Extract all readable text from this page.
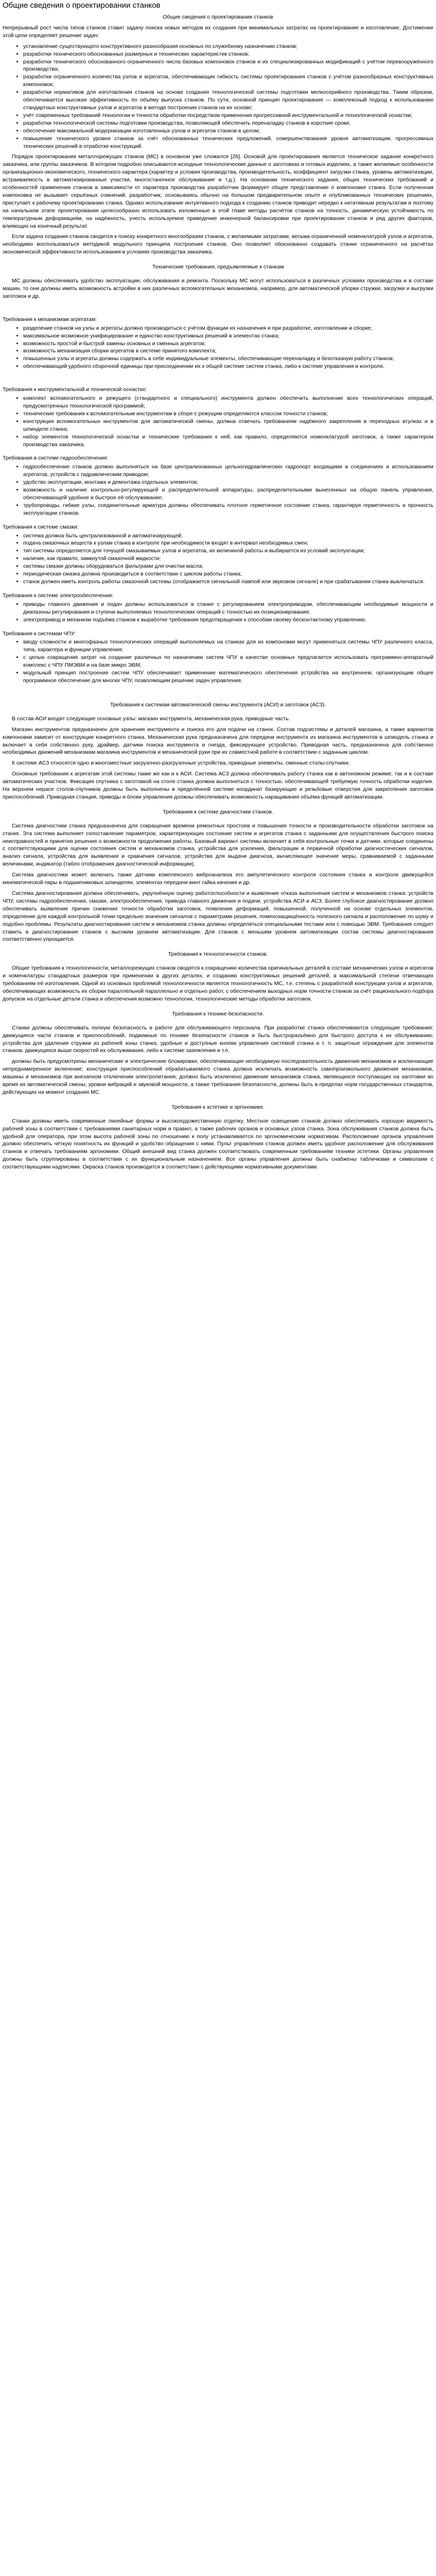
Общие сведения о проектировании станков
Общие сведения о проектировании станков

Непрерывный рост числа типов станков ставит задачу поиска новых методов их создания при минимальных затратах на проектирование и изготовление. Достижение этой цели определяет решение задач:

• установление существующего конструктивного разнообразия основных по служебному назначению станков;
• разработки технического обоснованных размерных и технических характеристик станков;
• разработки технического обоснованного ограниченного числа базовых компоновок станков и их специализированных модификаций с учётом перевооружённого производства;
• разработки ограниченного количества узлов и агрегатов, обеспечивающих гибкость системы проектирования станков с учётом разнообразных конструктивных компоновок;
• разработки нормативов для изготовления станков на основе создания технологической системы подготовки мелкосерийного производства. Таким образом, обеспечивается высокая эффективность по объёму выпуска станков. По сути, основной принцип проектирования — комплексный подход к использованию стандартных конструктивных узлов и агрегатов в методе построения станков на их основе;
• учёт современных требований технологии и точности обработки посредством применения прогрессивной инструментальной и технологической оснастки;
• разработки технологической системы подготовки производства, позволяющей обеспечить переналадку станков в короткие сроки;
• обеспечение максимальной модернизации изготовленных узлов и агрегатов станков в целом;
• повышение технического уровня станков за счёт обоснованных технических предложений, совершенствования уровня автоматизации, прогрессивных технических решений в отработке конструкций.

Порядок проектирования металлорежущих станков (МС) в основном уже сложился [26]. Основой для проектирования является техническое задание конкретного заказчика, или группы заказчиков. В котором подробно описываются исходные технологические данные о заготовках и готовых изделиях, а также желаемые особенности организационно-экономического, технического характера (характер и условия производства, производительность, коэффициент загрузки станка, уровень автоматизации, встраиваемость в автоматизированные участки, многостаночное обслуживание и т.д.). На основании технического задания, общих технических требований и особенностей применения станков в зависимости от характера производства разработчик формирует общее представление о компоновке станка. Если полученная компоновка не вызывает серьёзных сомнений, разработчик, основываясь обычно на большом предварительном опыте и опубликованных технических решениях, приступает к рабочему проектированию станка. Однако использование интуитивного подхода к созданию станков приводит нередко к негативным результатам и поэтому на начальном этапе проектирования целесообразно использовать изложенные в этой главе методы расчётов станков на точность, динамическую устойчивость по температурным деформациям, на надёжность, учесть используемое приведение инженерной балансировки при проектировании станков и ряд других факторов, влияющих на конечный результат.

Если задача создания станков сводится к поиску конкретного многообразия станков, с желаемыми затратами, весьма ограниченной номенклатурой узлов и агрегатов, необходимо воспользоваться методикой модульного принципа построения станков. Оно позволяет обоснованно создавать станки ограниченного на расчётах экономической эффективности использования в условиях производства заказчика.

Технические требования, предъявляемые к станкам

МС должны обеспечивать удобство эксплуатации, обслуживания и ремонта. Поскольку МС могут использоваться в различных условиях производства и в составе машин, то они должны иметь возможность встройки в них различных вспомогательных механизмов, например, для автоматической уборки стружки, загрузки и выгрузки заготовок и др.

Требования к механизмам агрегатам:
• разделение станков на узлы и агрегаты должно производиться с учётом функции их назначения и при разработке, изготовлении и сборке;
• максимальное возможное унифицирование и единство конструктивных решений в элементах станка;
• возможность простой и быстрой замены основных и сменных агрегатов;
• возможность механизации сборки агрегатов в системе принятого комплекта;
• повышенных узлы и агрегаты должны содержать в себе индивидуальные элементы, обеспечивающие переналадку и безотказную работу станков;
• обеспечивающий удобного сборочной единицы при присоединении их к общей системе систем станка, либо к системе управления и контроля.
Требования к инструментальной и технической оснастке:
• комплект вспомогательного и режущего (стандартного и специального) инструмента должен обеспечить выполнение всех технологических операций, предусмотренных технологической программой;
• технические требования к вспомогательным инструментам в сборе с режущим определяются классом точности станков;
• конструкция вспомогательных инструментов для автоматической смены, должна отвечать требованиям надёжного закрепления в переходных втулках и в шпинделе станка;
• набор элементов технологической оснастки и технические требования к ней, как правило, определяются номенклатурой заготовок, а также характером производства заказчика.
Требования в системе гидрообеспечения:
• гидрообеспечение станков должно выполняться на базе централизованных цельногидравлических гидропорт входящими в соединениях и использованием агрегатов, устройств с гидравлическим приводом;
• удобство эксплуатации, монтажа и демонтажа отдельных элементов;
• возможность и наличие контрольно-регулирующей и распределительной аппаратуры, распределительными вынесенных на общую панель управления, обеспечивающей удобное и быстрое её обслуживание;
• трубопроводы, гибкие узлы, соединительные арматура должны обеспечивать плотное герметичное состояние станка, гарантируя герметичность и прочность эксплуатации станков.
Требования к системе смазки:
• система должна быть централизованной и автоматизирующей;
• подача смазочных веществ к узлам станка в контроле при необходимости входят в интервал необходимых смен;
• тип системы определяется для точущей смазываемых узлов и агрегатов, их величиной работы и выбирается из условий эксплуатации;
• наличие, как правило, замкнутой смазочной жидкости;
• системы смазки должны оборудоваться фильтрами для очистки масла;
• периодическая смазка должна производиться в соответствии с циклом работы станка;
• станок должен иметь контроль работы смазочной системы (отображается сигнальной лампой или звуковом сигнале) и при срабатывании станка выключаться.
Требования к системе электрообеспечения:
• приводы главного движения и подач должны использоваться в станке с регулированием электроприводом, обеспечивающим необходимые мощности и диапазоны регулирования и ступени выполняемых технологических операций с точностью их позиционирования;
• электропривод и механизм подъёма станков к выработке требования предотвращения к способам своему бесконтактному управлению.
Требования к системам ЧПУ:
• вводу сложности и многофазных технологических операций выполняемых на станках для их компоновки могут применяться системы ЧПУ различного класса, типа, характера и функции управления;
• с целью сокращения затрат на создание различных по назначению систем ЧПУ в качестве основных предлагается использовать программно-аппаратный комплекс с ЧПУ ПМЭВМ и на базе микро ЭВМ;
• модульный принцип построения систем ЧПУ обеспечивает применение математического обеспечения устройства на внутреннем, организующим общее программное обеспечение для многих ЧПУ, позволяющим решение задач управления.
Требования к системам автоматической смены инструмента (АСИ) и заготовок (АСЗ).

В состав АСИ входят следующие основные узлы: магазин инструмента, механическая рука, приводные часть.

Магазин инструментов предназначен для хранения инструмента и поиска его для подачи на станок. Состав подсистемы и деталей магазина, а также вариантов компоновки зависит от конструкции конкретного станка. Механическая рука предназначена для передачи инструмента из магазина инструментов в шпиндель станка и включает в себя собственно руку, драйвер, датчики поиска инструмента и гнезда, фиксирующее устройство. Приводная часть, предназначена для собственно необходимых движений механизмам магазина инструментов и механической руки при их совместной работе в соответствии с заданным циклом.

К системе АСЗ относятся одно и многоместные загрузочно-разгрузочные устройства, приводные элементы, сменные столы-спутники.

Основные требования к агрегатам этой системы такие же как и к АСИ. Система АСЗ должна обеспечивать работу станка как в автономном режиме, так и в составе автоматических участков. Фиксация спутника с заготовкой на столе станка должна выполняться с точностью, обеспечивающей требуемую точность обработки изделия. На верхнем нерасе столов-спутников должны быть выполнены в пределённой системе координат базирующие и резьбовые отверстия для закрепления заготовок приспособлений. Приводная станция, приводы и блоки управления должны обеспечивать возможность наращивания объёма функций автоматизации.

Требования к системе диагностики станков.

Система диагностики станка предназначена для сокращения времени ремонтных простоев и повышения точности и производительности обработки заготовок на станке. Эта система выполняет сопоставление параметров, характеризующих состояние систем и агрегатов станка с заданными для осуществления быстрого поиска неисправностей и принятия решения о возможности продолжения работы. Базовый вариант системы включает в себя контрольные точки и датчики, которые соединены с соответствующими для оценки состояния систем и механизмов станка, устройства для усиления, фильтрации и первичной обработки диагностических сигналов, анализ сигнала, устройства для выявления и сравнения сигналов, устройства для выдачи диагноза, вычисляющее значение меры, сравниваемой с заданными величинами, индикатор (табло отображения диагностической информации).

Система диагностики может включать также датчики комплексного виброанализа его ампулетического контроля состояния станка и контроля движущейся кинематической пары в подшипниковых шпинделях, элементах передачи винт гайка качения и др.

Система диагностирования должна обеспечивать, укрупнённую оценку работоспособности и выявление отказа выполнения систем и механизмов станка: устройств ЧПУ, системы гидрообеспечения, смазки, электрообеспечения, привода главного движения и подачи, устройства АСИ и АСЗ. Более глубокое диагностирование должно обеспечивать выявление причин снижения точности обработки заготовок, появления деформаций, повышенной, полученной на основе отдельных элементов, определение для каждой контрольной точки предельно значения сигналов с параметрами решения, помехозащищённость полезного сигнала и расположение по шуму и подобно проблемы. Результаты диагностирования систем и механизмов станка должны определяться специальными тестами или с помощью ЭВМ. Требования следует ставить в диагностирование станков с высоким уровнем автоматизации. Для станков с меньшим уровнем автоматизации состав системы диагностирования соответственно упрощается.

Требования к технологичности станков.

Общие требования к технологичности, металлорежущих станков сводятся к сокращению количества оригинальных деталей в составе механических узлов и агрегатов и номенклатуры стандартных размеров при применении в других деталях, и созданию конструктивных решений деталей, в максимальной степени отвечающих требованиям её изготовления. Одной из основных проблемой технологичности является технологичность МС, т.е. степень с разработкой конструкции узлов и агрегатов, обеспечивающих возможность их сборки параллельной параллельно и отдельно работ, с обеспечением выходных норм точности станков за счёт рационального подбора допусков на отдельные детали станка и обеспечения возможно технологии, технологические методы обработки заготовок.

Требования к технике безопасности.

Станки должны обеспечивать полную безопасность в работе для обслуживающего персонала. При разработке станка обеспечиваются следующие требования: движущиеся части станков и приспособлений, подвижные по технике безопасности станков и быть быстроразъёмно для быстрого доступа к их обслуживанию; устройства для удаления стружки из рабочей зоны станка; удобные и доступные кнопки управления системой станка и т. п. защитные ограждения для элементов станков, движущихся выше скоростей их обслуживания, либо к системе заземления и т.п.

должны быть предусмотрены механические и электрические блокировки, обеспечивающие необходимую последовательность движения механизмов и исключающие непреднамеренное включение; конструкция приспособлений обрабатываемого станка должна исключать возможность самопроизвольного движения механизмов, машины и механизмов при внезапном отключении электропитания; должно быть исключено движение механизмов станка, являющихся поступающих на заготовки во время их автоматической смены; уровни вибраций и звуковой мощности, а также требования безопасности, должны быть в пределах норм государственных стандартов, действующих на момент создания МС.

Требования к эстетике и эргономике.

Станки должны иметь современные линейные формы и высокохудожественную отделку. Местное освещение станков должно обеспечивать хорошую видимость рабочей зоны в соответствии с требованиями санитарных норм и правил, а также рабочих органов и основных узлов станка. Зона обслуживания станков должна быть удобной для оператора, при этом высота рабочей зоны по отношению к полу устанавливается по эргономическим нормативам. Расположение органов управления должно обеспечить чёткую понятность их функций и удобство обращения с ними. Пульт управления станков должен иметь удобное расположение для обслуживания станков и отвечать требованиям эргономики. Общий внешний вид станка должен соответствовать современным требованиям техники эстетики. Органы управления должны быть сгруппированы в соответствии с их функциональным назначением. Все органы управления должны быть снабжены табличками и символами с соответствующими надписями. Окраска станков производится в соответствии с действующими нормативными документами.
